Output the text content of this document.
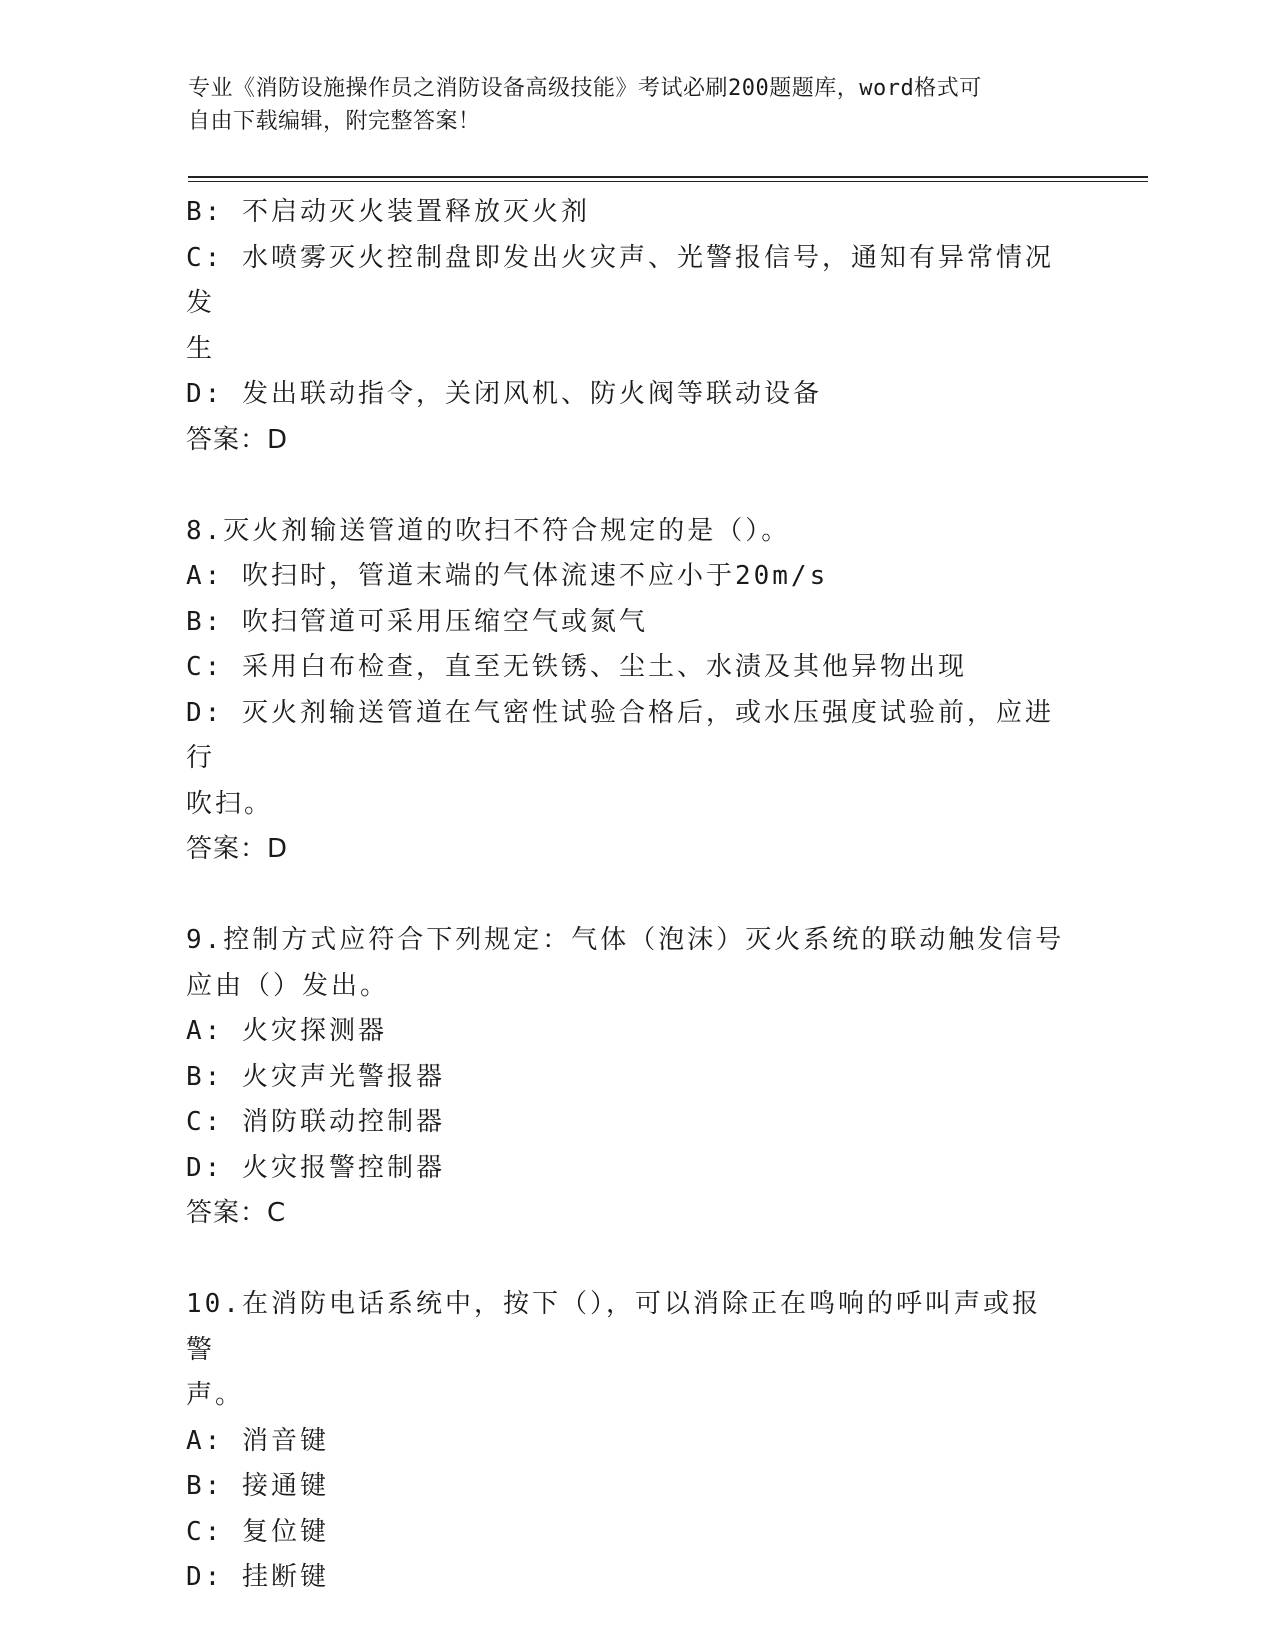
专业《消防设施操作员之消防设备高级技能》考试必刷200题题库，word格式可
自由下载编辑，附完整答案！
B: 不启动灭火装置释放灭火剂
C: 水喷雾灭火控制盘即发出火灾声、光警报信号，通知有异常情况发
生
D: 发出联动指令，关闭风机、防火阀等联动设备
答案：D
8.灭火剂输送管道的吹扫不符合规定的是（）。
A: 吹扫时，管道末端的气体流速不应小于20m/s
B: 吹扫管道可采用压缩空气或氮气
C: 采用白布检查，直至无铁锈、尘土、水渍及其他异物出现
D: 灭火剂输送管道在气密性试验合格后，或水压强度试验前，应进行
吹扫。
答案：D
9.控制方式应符合下列规定：气体（泡沫）灭火系统的联动触发信号
应由（）发出。
A: 火灾探测器
B: 火灾声光警报器
C: 消防联动控制器
D: 火灾报警控制器
答案：C
10.在消防电话系统中，按下（），可以消除正在鸣响的呼叫声或报警
声。
A: 消音键
B: 接通键
C: 复位键
D: 挂断键
